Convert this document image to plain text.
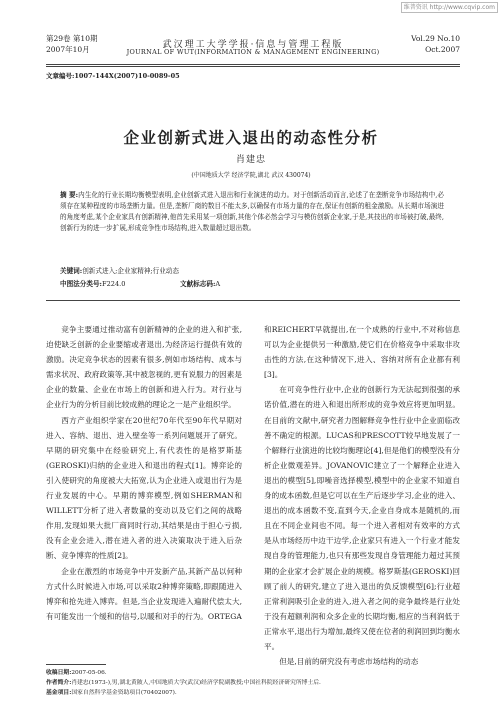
维普资讯 http://www.cqvip.com
第29卷 第10期
2007年10月	武汉理工大学学报·信息与管理工程版
JOURNAL OF WUT(INFORMATION & MANAGEMENT ENGINEERING)
Vol.29 No.10
Oct.2007
文章编号:1007-144X(2007)10-0089-05
企业创新式进入退出的动态性分析
肖建忠
(中国地质大学 经济学院,湖北 武汉 430074)
摘 要:内生化的行业长期均衡模型表明,企业创新式进入退出和行业演进的动力。对于创新活动而言,论述了在垄断竞争市场结构中,必须存在某种程度的市场垄断力量。但是,垄断厂商的数目不能太多,以确保有市场力量的存在,保证有创新的租金激励。从长期市场演进的角度考虑,某个企业家具有创新精神,他首先采用某一项创新,其他个体必然会学习与模仿创新企业家,于是,其技出的市场被打破,最终,创新行为的进一步扩展,形成竞争性市场结构,进入数量超过退出数。
关键词:创新式进入;企业家精神;行业动态
中图法分类号:F224.0	文献标志码:A

竞争主要通过推动富有创新精神的企业的进入和扩张,迫使缺乏创新的企业要缩或者退出,为经济运行提供有效的激励。决定竞争状态的因素有很多,例如市场结构、成本与需求状况、政府政策等,其中被忽视的,更有说服力的因素是企业的数量、企业在市场上的创新和进入行为。对行业与企业行为的分析目前比较成熟的理论之一是产业组织学。

西方产业组织学家在20世纪70年代至90年代早期对进入、容纳、退出、进入壁垒等一系列问题展开了研究。早期的研究集中在经验研究上,有代表性的是格罗斯基(GEROSKI)归纳的企业进入和退出的程式[1]。博弈论的引入使研究的角度被大大拓宽,认为企业进入或退出行为是行业发展的中心。早期的博弈模型,例如SHERMAN和WILLETT分析了进入者数量的变动以及它们之间的战略作用,发现如果大批厂商同时行动,其结果是由于担心亏损,没有企业会进入,潜在进入者的进入决策取决于进入后杂断、竞争博弈的性质[2]。

企业在激烈的市场竞争中开发新产品,其新产品以何种方式什么时候进入市场,可以采取2种博弈策略,即跟随进入博弈和抢先进入博弈。但是,当企业发现进入遍耐代偿太大,有可能发出一个缓和的信号,以暖和对手的行为。ORTEGA

和REICHERT早就提出,在一个成熟的行业中,不对称信息可以为企业提供另一种激励,使它们在价格竞争中采取非攻击性的方法,在这种情况下,进入、容纳对所有企业都有利[3]。

在可竞争性行业中,企业的创新行为无法起到很强的承诺价值,潜在的进入和退出所形成的竞争效应将更加明显。在目前的文献中,研究者力图解释竞争性行业中企业面临改善不确定的根源。LUCAS和PRESCOTT较早地发展了一个解释行业演进的比较均衡理论[4],但是他们的模型没有分析企业微观差异。JOVANOVIC建立了一个解释企业进入退出的模型[5],即噪音选择模型,模型中的企业家不知道自身的成本函数,但是它可以在生产后逐步学习,企业的进入、退出的成本函数不变,直到今天,企业自身成本是随机的,而且在不同企业间也不同。每一个进入者相对有效率的方式是从市场经历中边干边学,企业家只有进入一个行业才能发现自身的管理能力,也只有那些发现自身管理能力超过其预期的企业家才会扩展企业的规模。格罗斯基(GEROSKI)回顾了前人的研究,建立了进入退出的负反馈模型[6];行业超正常利润吸引企业的进入,进入者之间的竞争最终是行业处于没有超额利润和众多企业的长期均衡,相应的当利润低于正常水平,退出行为增加,最终又使在位者的利润回到均衡水平。

但是,目前的研究没有考虑市场结构的动态

收稿日期:2007-05-06.
作者简介:肖建忠(1973-),男,湖北黄陂人,中国地质大学(武汉)经济学院副教授;中国社科院经济研究所博士后.
基金项目:国家自然科学基金资助项目(70402007).
